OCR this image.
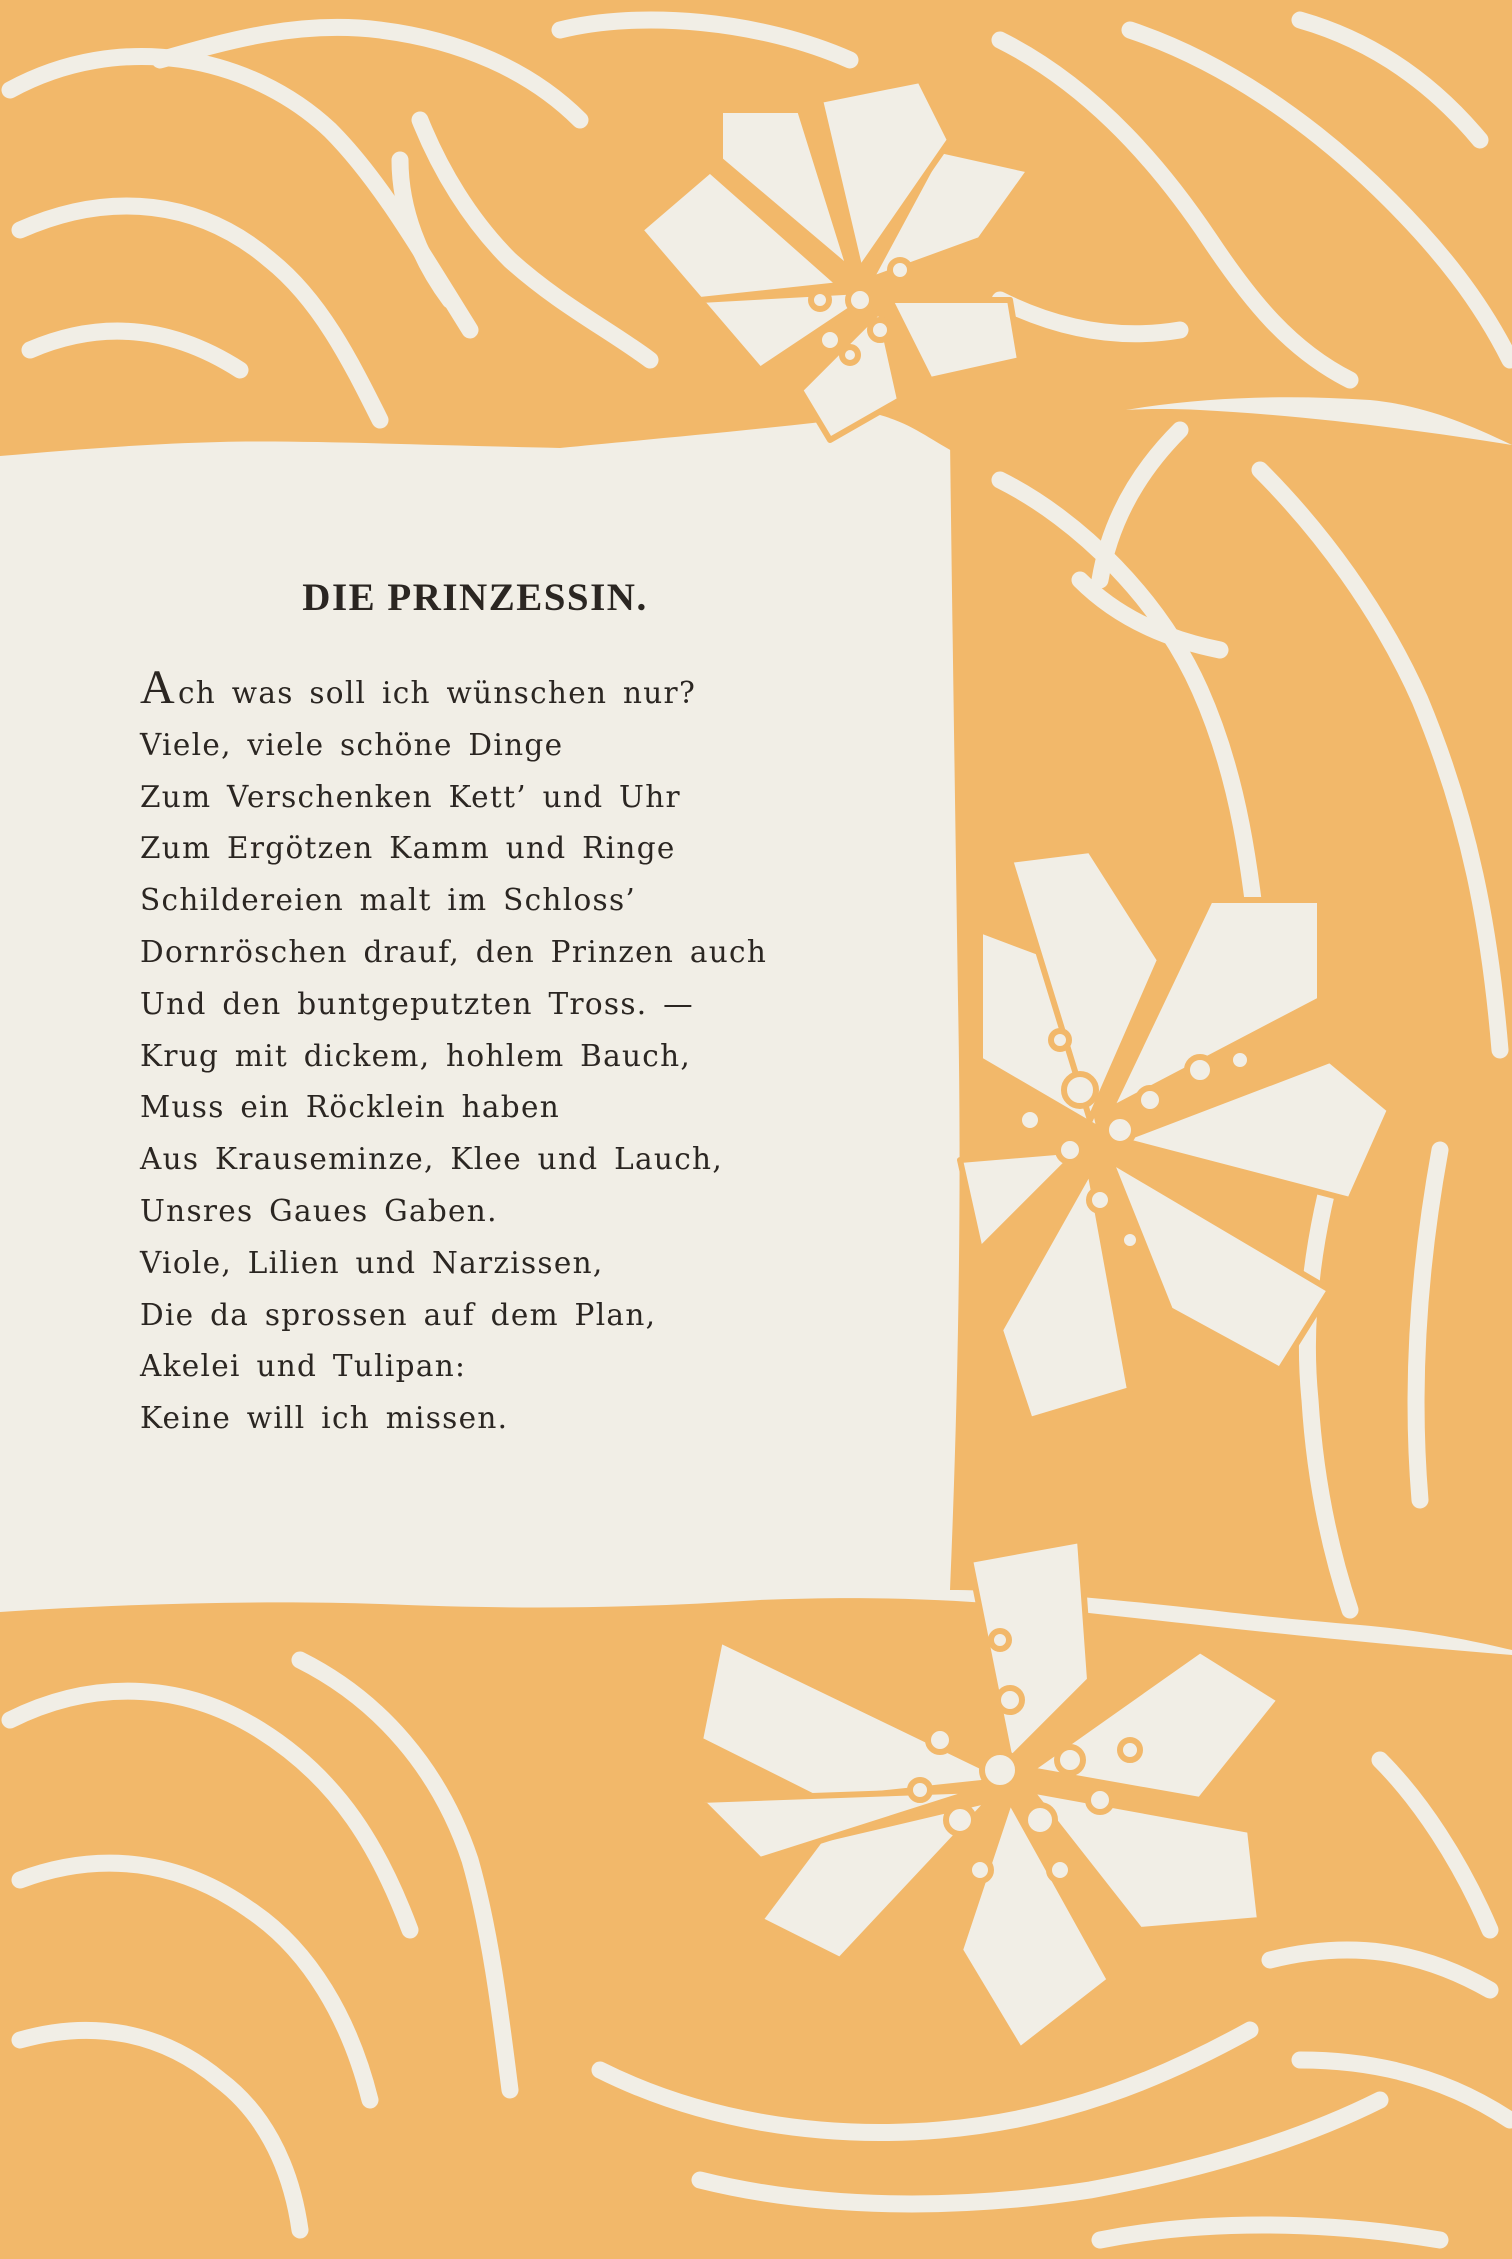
DIE PRINZESSIN.
Ach was soll ich wünschen nur?
Viele, viele schöne Dinge
Zum Verschenken Kett’ und Uhr
Zum Ergötzen Kamm und Ringe
Schildereien malt im Schloss’
Dornröschen drauf, den Prinzen auch
Und den buntgeputzten Tross. —
Krug mit dickem, hohlem Bauch,
Muss ein Röcklein haben
Aus Krauseminze, Klee und Lauch,
Unsres Gaues Gaben.
Viole, Lilien und Narzissen,
Die da sprossen auf dem Plan,
Akelei und Tulipan:
Keine will ich missen.
